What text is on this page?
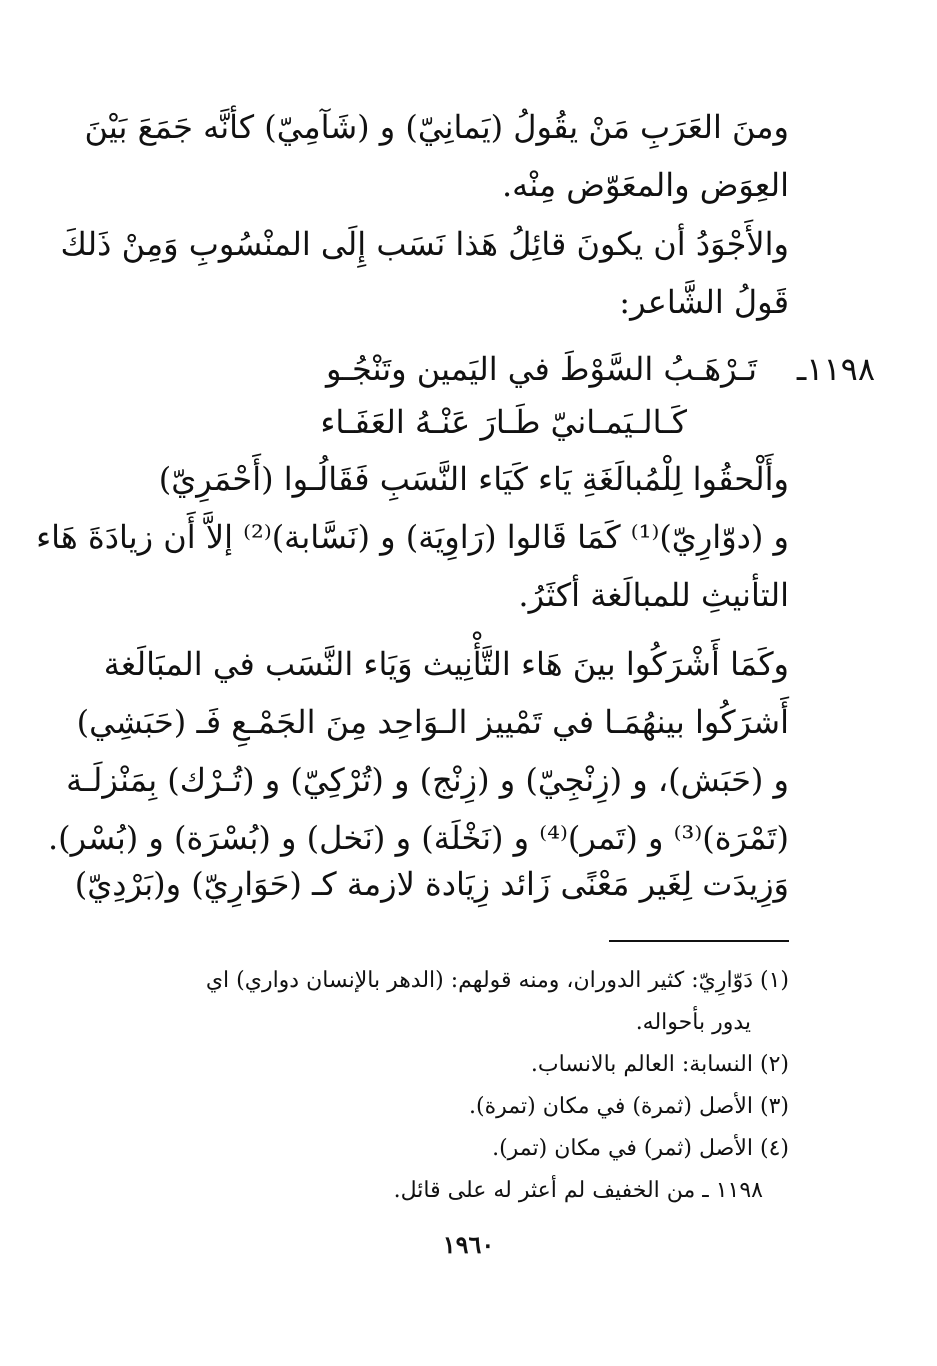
ومنَ العَرَبِ مَنْ يقُولُ (يَمانِيّ) و (شَآمِيّ) كأنَّه جَمَعَ بَيْنَ
العِوَض والمعَوّض مِنْه.
والأَجْوَدُ أن يكونَ قائِلُ هَذا نَسَب إِلَى المنْسُوبِ وَمِنْ ذَلكَ
قَولُ الشَّاعر:
١١٩٨ـ
تَـرْهَـبُ السَّوْطَ في اليَمين وتَنْجُـو
كَـالـيَمـانيّ طَـارَ عَنْـهُ العَفَـاء
وأَلْحقُوا لِلْمُبالَغَةِ يَاء كَيَاء النَّسَبِ فَقَالُـوا (أَحْمَرِيّ)
و (دوّارِيّ)⁽¹⁾ كَمَا قَالوا (رَاوِيَة) و (نَسَّابة)⁽²⁾ إلاَّ أَن زيادَةَ هَاء
التأنيثِ للمبالَغة أكثَرُ.
وكَمَا أَشْرَكُوا بينَ هَاء التَّأْنِيث وَيَاء النَّسَب في المبَالَغة
أَشرَكُوا بينهُمَـا في تَمْييز الـوَاحِد مِنَ الجَمْـعِ فَـ (حَبَشِي)
و (حَبَش)، و (زِنْجِيّ) و (زِنْج) و (تُرْكِيّ) و (تُـرْك) بِمَنْزلَـة
(تَمْرَة)⁽³⁾ و (تَمر)⁽⁴⁾ و (نَخْلَة) و (نَخل) و (بُسْرَة) و (بُسْر).
وَزِيدَت لِغَير مَعْنًى زَائد زِيَادة لازمة كـ (حَوَارِيّ) و(بَرْدِيّ)
(١) دَوّارِيّ: كثير الدوران، ومنه قولهم: (الدهر بالإنسان دواري) اي
يدور بأحواله.
(٢) النسابة: العالم بالانساب.
(٣) الأصل (ثمرة) في مكان (تمرة).
(٤) الأصل (ثمر) في مكان (تمر).
١١٩٨ ـ من الخفيف لم أعثر له على قائل.
١٩٦٠
